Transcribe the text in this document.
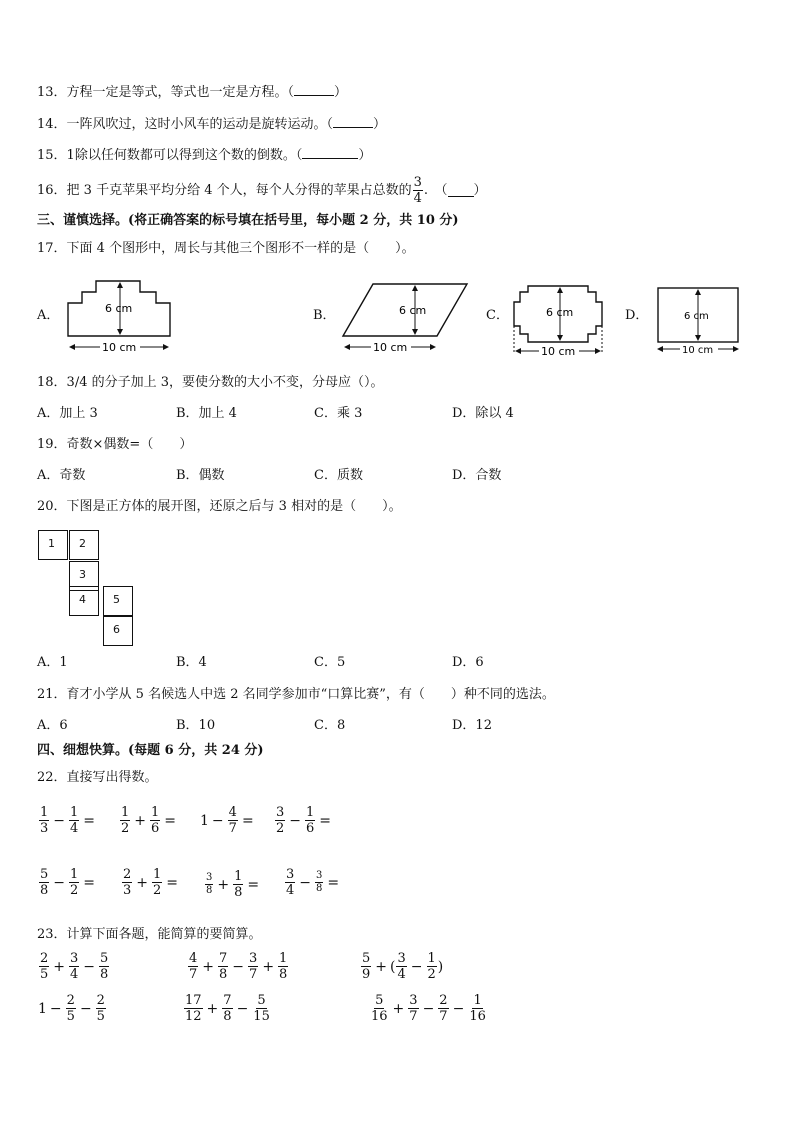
13．方程一定是等式，等式也一定是方程。（	）
14．一阵风吹过，这时小风车的运动是旋转运动。（	）
15．1除以任何数都可以得到这个数的倒数。（	）
16．把 3 千克苹果平均分给 4 个人，每个人分得的苹果占总数的 $\frac{3}{4}$ .　（ ）
三、谨慎选择。(将正确答案的标号填在括号里，每小题 2 分，共 10 分)
17．下面 4 个图形中，周长与其他三个图形不一样的是（　　）。
A．	6 cm
10 cm
B．	6 cm
10 cm
C．	6 cm
10 cm
D．	6 cm
10 cm
18．3/4 的分子加上 3，要使分数的大小不变，分母应（）。
A．加上 3	B．加上 4	C．乘 3	D．除以 4
19．奇数×偶数=（　　）
A．奇数	B．偶数	C．质数	D．合数
20．下图是正方体的展开图，还原之后与 3 相对的是（　　）。
1	2
3
4	5
6
A．1	B．4	C．5	D．6
21．育才小学从 5 名候选人中选 2 名同学参加市“口算比赛”，有（　　）种不同的选法。
A．6	B．10	C．8	D．12
四、细想快算。(每题 6 分，共 24 分)
22．直接写出得数。
$\frac{1}{3} - \frac{1}{4} = \frac{1}{2} + \frac{1}{6} = 1 - \frac{4}{7} = \frac{3}{2} - \frac{1}{6}$ =
$\frac{5}{8} - \frac{1}{2} = \frac{2}{3} + \frac{1}{2}$ =	$\frac{3}{8} + \frac{1}{8} = \frac{3}{4} - \frac{3}{8}$ =
23．计算下面各题，能简算的要简算。
$\frac{2}{5} + \frac{3}{4} - \frac{5}{8}$	$\frac{4}{7} + \frac{7}{8} - \frac{3}{7} + \frac{1}{8}$	$\frac{5}{9}$ + ( $\frac{3}{4} - \frac{1}{2}$ )
$1 - \frac{2}{5} - \frac{2}{5}$	$\frac{17}{12} + \frac{7}{8} - \frac{5}{15}$	$\frac{5}{16} + \frac{3}{7} - \frac{2}{7} - \frac{1}{16}$
